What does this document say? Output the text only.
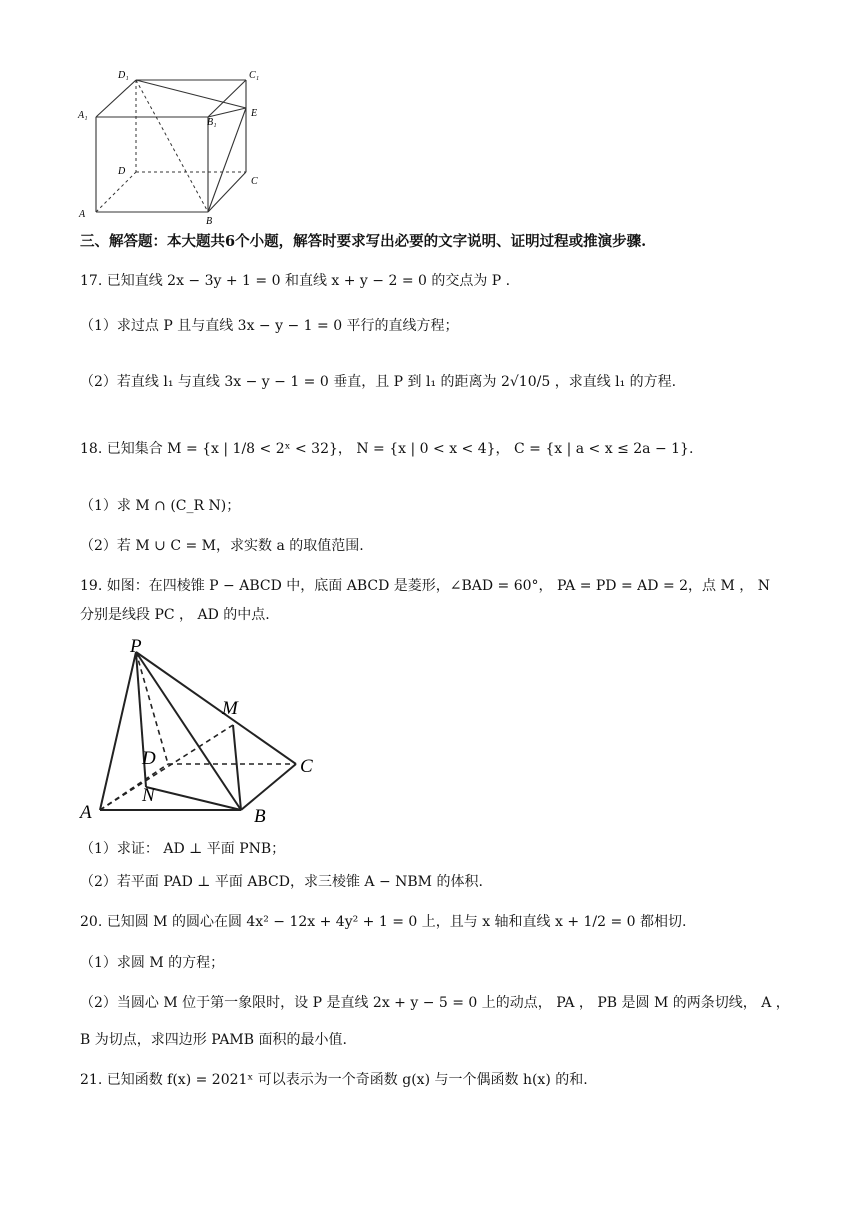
D₁	C₁
A₁
B₁
E
D
C
A
B
三、解答题：本大题共6个小题，解答时要求写出必要的文字说明、证明过程或推演步骤.
17. 已知直线 2x − 3y + 1 = 0 和直线 x + y − 2 = 0 的交点为 P .
（1）求过点 P 且与直线 3x − y − 1 = 0 平行的直线方程；
（2）若直线 l₁ 与直线 3x − y − 1 = 0 垂直，且 P 到 l₁ 的距离为 2√10/5 ，求直线 l₁ 的方程.
18. 已知集合 M = {x | 1/8 < 2ˣ < 32}， N = {x | 0 < x < 4}， C = {x | a < x ≤ 2a − 1}.
（1）求 M ∩ (C_R N)；
（2）若 M ∪ C = M，求实数 a 的取值范围.
19. 如图：在四棱锥 P − ABCD 中，底面 ABCD 是菱形，∠BAD = 60°， PA = PD = AD = 2，点 M ， N
分别是线段 PC ， AD 的中点.
P
M
D	C
N
A	B
（1）求证： AD ⊥ 平面 PNB；
（2）若平面 PAD ⊥ 平面 ABCD，求三棱锥 A − NBM 的体积.
20. 已知圆 M 的圆心在圆 4x² − 12x + 4y² + 1 = 0 上，且与 x 轴和直线 x + 1/2 = 0 都相切.
（1）求圆 M 的方程；
（2）当圆心 M 位于第一象限时，设 P 是直线 2x + y − 5 = 0 上的动点， PA ， PB 是圆 M 的两条切线， A ，
B 为切点，求四边形 PAMB 面积的最小值.
21. 已知函数 f(x) = 2021ˣ 可以表示为一个奇函数 g(x) 与一个偶函数 h(x) 的和.
